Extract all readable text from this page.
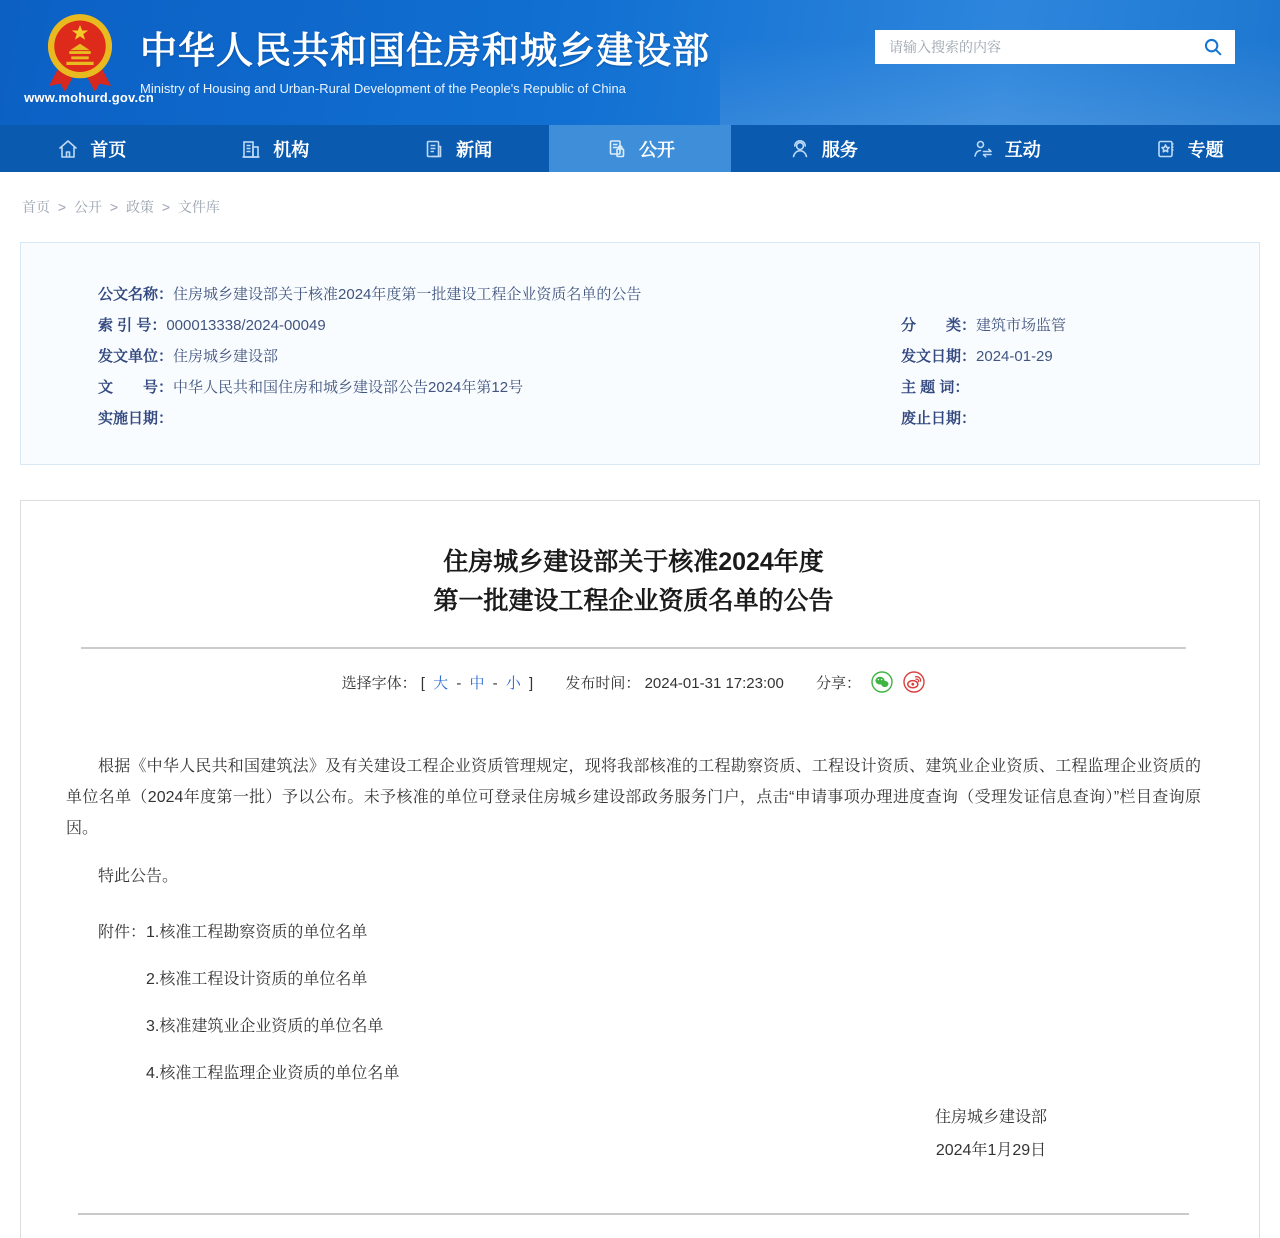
www.mohurd.gov.cn
中华人民共和国住房和城乡建设部
Ministry of Housing and Urban-Rural Development of the People's Republic of China
请输入搜索的内容
首页	机构	新闻	公开	服务	互动	专题
首页 > 公开 > 政策 > 文件库
公文名称： 住房城乡建设部关于核准2024年度第一批建设工程企业资质名单的公告
索 引 号： 000013338/2024-00049	分　　类： 建筑市场监管
发文单位： 住房城乡建设部	发文日期： 2024-01-29
文　　号： 中华人民共和国住房和城乡建设部公告2024年第12号	主 题 词：
实施日期：	废止日期：
住房城乡建设部关于核准2024年度
第一批建设工程企业资质名单的公告
选择字体： [ 大 - 中 - 小 ] 发布时间： 2024-01-31 17:23:00 分享：

根据《中华人民共和国建筑法》及有关建设工程企业资质管理规定，现将我部核准的工程勘察资质、工程设计资质、建筑业企业资质、工程监理企业资质的单位名单（2024年度第一批）予以公布。未予核准的单位可登录住房城乡建设部政务服务门户，点击“申请事项办理进度查询（受理发证信息查询）”栏目查询原因。

特此公告。

附件： 1.核准工程勘察资质的单位名单
2.核准工程设计资质的单位名单
3.核准建筑业企业资质的单位名单
4.核准工程监理企业资质的单位名单
住房城乡建设部
2024年1月29日
